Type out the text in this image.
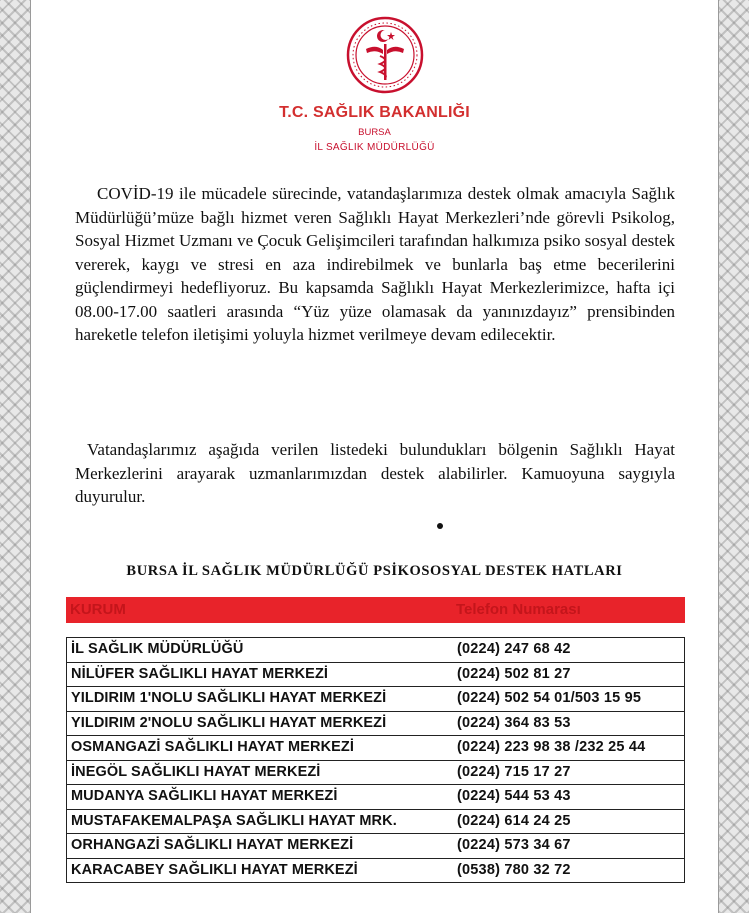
T.C. SAĞLIK BAKANLIĞI
BURSA
İL SAĞLIK MÜDÜRLÜĞÜ
COVİD-19 ile mücadele sürecinde, vatandaşlarımıza destek olmak amacıyla Sağlık Müdürlüğü’müze bağlı hizmet veren Sağlıklı Hayat Merkezleri’nde görevli Psikolog, Sosyal Hizmet Uzmanı ve Çocuk Gelişimcileri tarafından halkımıza psiko sosyal destek vererek, kaygı ve stresi en aza indirebilmek ve bunlarla baş etme becerilerini güçlendirmeyi hedefliyoruz. Bu kapsamda Sağlıklı Hayat Merkezlerimizce, hafta içi 08.00-17.00 saatleri arasında “Yüz yüze olamasak da yanınızdayız” prensibinden hareketle telefon iletişimi yoluyla hizmet verilmeye devam edilecektir.
Vatandaşlarımız aşağıda verilen listedeki bulundukları bölgenin Sağlıklı Hayat Merkezlerini arayarak uzmanlarımızdan destek alabilirler. Kamuoyuna saygıyla duyurulur.
BURSA İL SAĞLIK MÜDÜRLÜĞÜ PSİKOSOSYAL DESTEK HATLARI
KURUM	Telefon Numarası
İL SAĞLIK MÜDÜRLÜĞÜ	(0224) 247 68 42
NİLÜFER SAĞLIKLI HAYAT MERKEZİ	(0224) 502 81 27
YILDIRIM 1'NOLU SAĞLIKLI HAYAT MERKEZİ	(0224) 502 54 01/503 15 95
YILDIRIM 2'NOLU SAĞLIKLI HAYAT MERKEZİ	(0224) 364 83 53
OSMANGAZİ SAĞLIKLI HAYAT MERKEZİ	(0224) 223 98 38 /232 25 44
İNEGÖL SAĞLIKLI HAYAT MERKEZİ	(0224) 715 17 27
MUDANYA SAĞLIKLI HAYAT MERKEZİ	(0224) 544 53 43
MUSTAFAKEMALPAŞA SAĞLIKLI HAYAT MRK.	(0224) 614 24 25
ORHANGAZİ SAĞLIKLI HAYAT MERKEZİ	(0224) 573 34 67
KARACABEY SAĞLIKLI HAYAT MERKEZİ	(0538) 780 32 72
